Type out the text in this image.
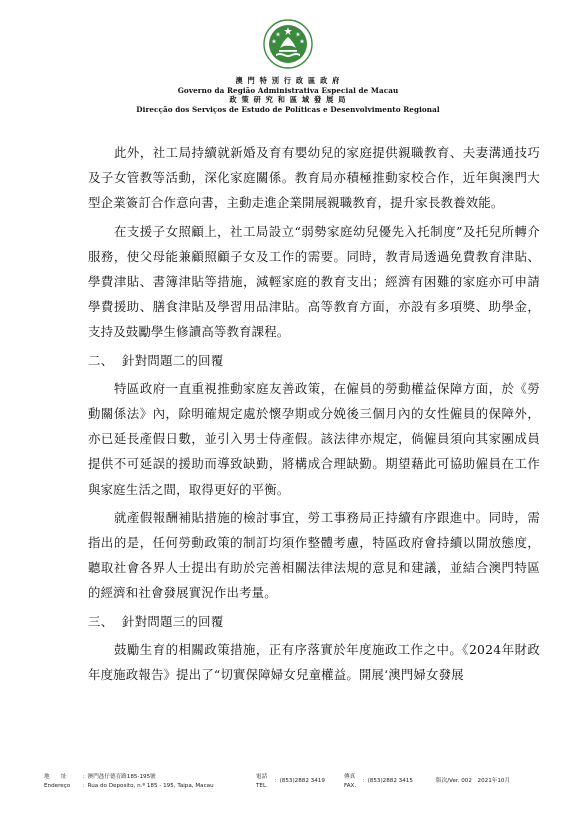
澳 門 特 別 行 政 區 政 府
Governo da Região Administrativa Especial de Macau
政 策 研 究 和 區 域 發 展 局
Direcção dos Serviços de Estudo de Políticas e Desenvolvimento Regional

此外，社工局持續就新婚及育有嬰幼兒的家庭提供親職教育、夫妻溝通技巧及子女管教等活動，深化家庭關係。教育局亦積極推動家校合作，近年與澳門大型企業簽訂合作意向書，主動走進企業開展親職教育，提升家長教養效能。

在支援子女照顧上，社工局設立“弱勢家庭幼兒優先入托制度”及托兒所轉介服務，使父母能兼顧照顧子女及工作的需要。同時，教青局透過免費教育津貼、學費津貼、書簿津貼等措施，減輕家庭的教育支出；經濟有困難的家庭亦可申請學費援助、膳食津貼及學習用品津貼。高等教育方面，亦設有多項獎、助學金，支持及鼓勵學生修讀高等教育課程。

二、 針對問題二的回覆

特區政府一直重視推動家庭友善政策，在僱員的勞動權益保障方面，於《勞動關係法》內，除明確規定處於懷孕期或分娩後三個月內的女性僱員的保障外，亦已延長產假日數，並引入男士侍產假。該法律亦規定，倘僱員須向其家團成員提供不可延誤的援助而導致缺勤，將構成合理缺勤。期望藉此可協助僱員在工作與家庭生活之間，取得更好的平衡。

就產假報酬補貼措施的檢討事宜，勞工事務局正持續有序跟進中。同時，需指出的是，任何勞動政策的制訂均須作整體考慮，特區政府會持續以開放態度，聽取社會各界人士提出有助於完善相關法律法規的意見和建議，並結合澳門特區的經濟和社會發展實況作出考量。

三、 針對問題三的回覆

鼓勵生育的相關政策措施，正有序落實於年度施政工作之中。《2024年財政年度施政報告》提出了“切實保障婦女兒童權益。開展‘澳門婦女發展

地　　址
Endereço
：澳門氹仔德育路185-195號
：Rua do Deposito, n.º 185 - 195, Taipa, Macau
電話
TEL.
：(853)2882 3419
傳真
FAX.
：(853)2882 3415	版次/Ver. 002　2021年10月
